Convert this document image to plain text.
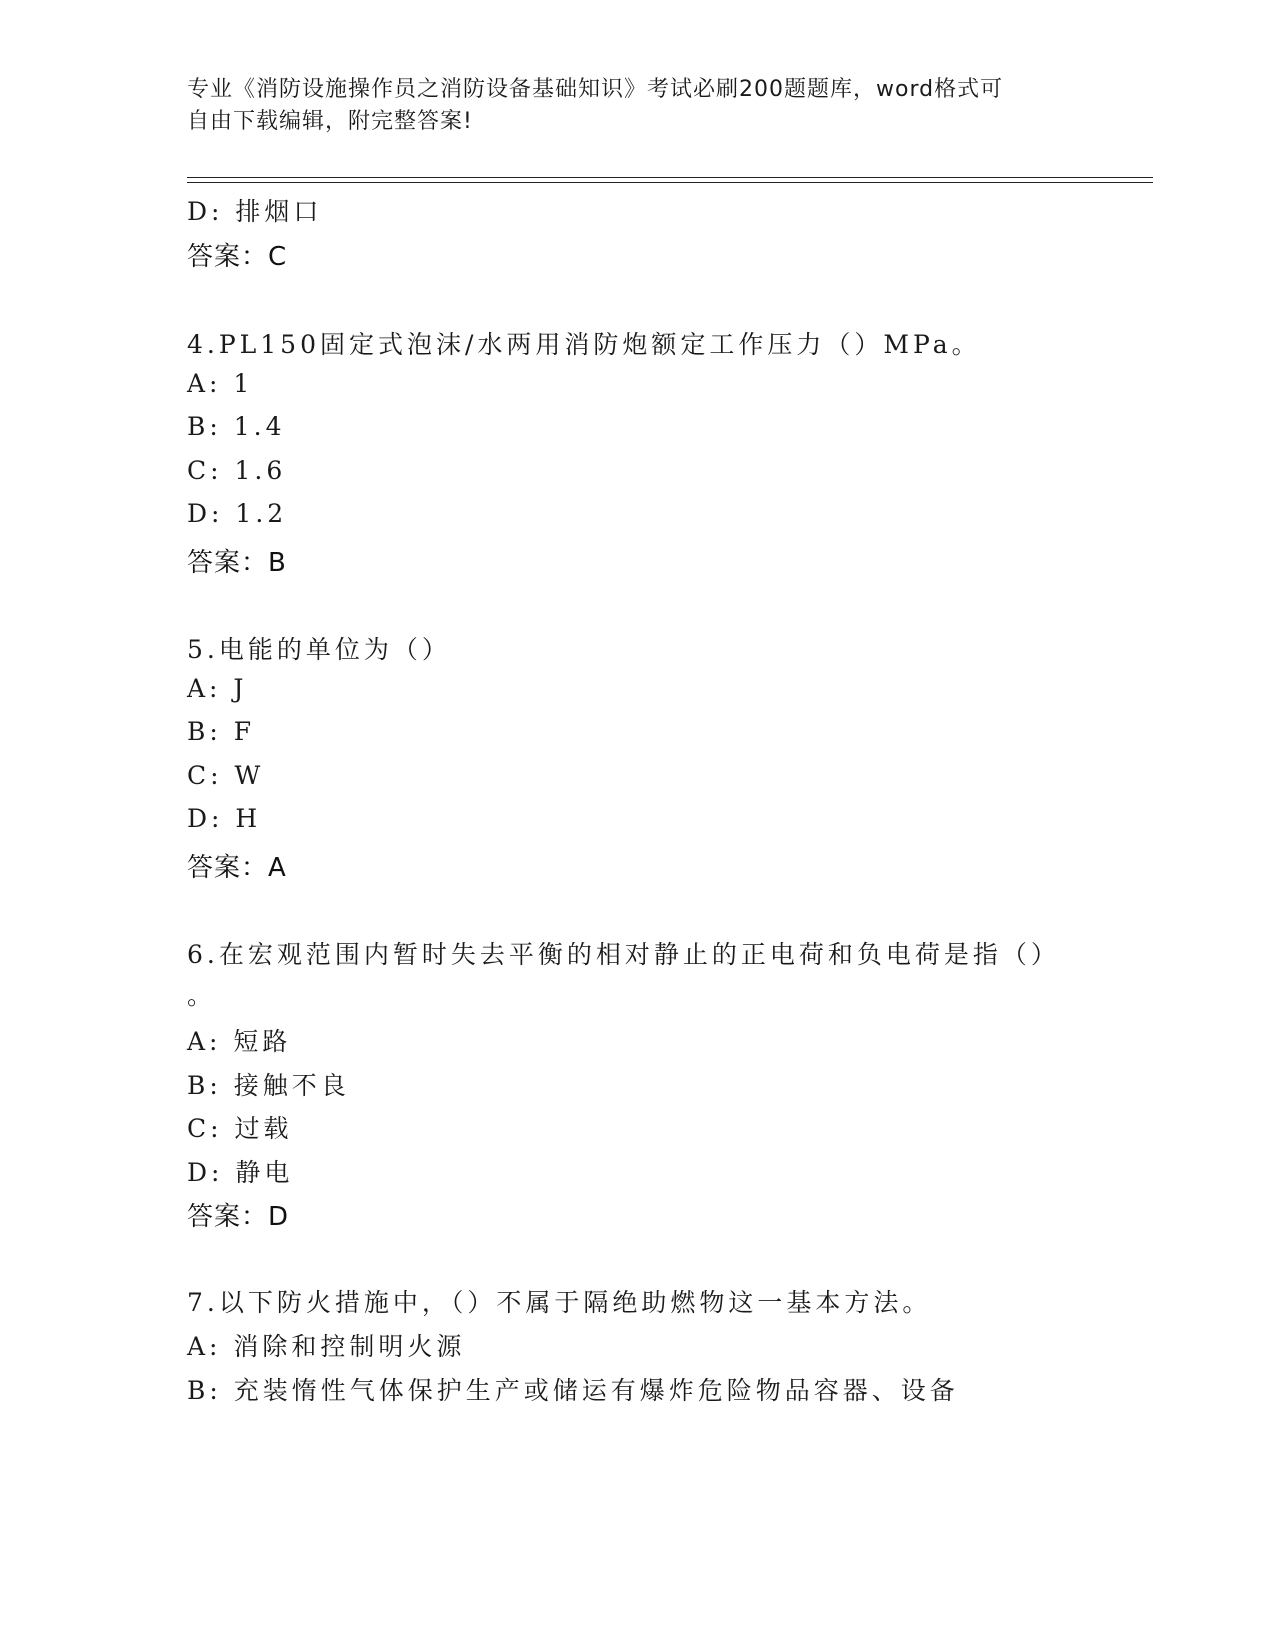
专业《消防设施操作员之消防设备基础知识》考试必刷200题题库，word格式可
自由下载编辑，附完整答案!
D: 排烟口
答案：C
4.PL150固定式泡沫/水两用消防炮额定工作压力（）MPa。
A: 1
B: 1.4
C: 1.6
D: 1.2
答案：B
5.电能的单位为（）
A: J
B: F
C: W
D: H
答案：A
6.在宏观范围内暂时失去平衡的相对静止的正电荷和负电荷是指（）
。
A: 短路
B: 接触不良
C: 过载
D: 静电
答案：D
7.以下防火措施中，（）不属于隔绝助燃物这一基本方法。
A: 消除和控制明火源
B: 充装惰性气体保护生产或储运有爆炸危险物品容器、设备
